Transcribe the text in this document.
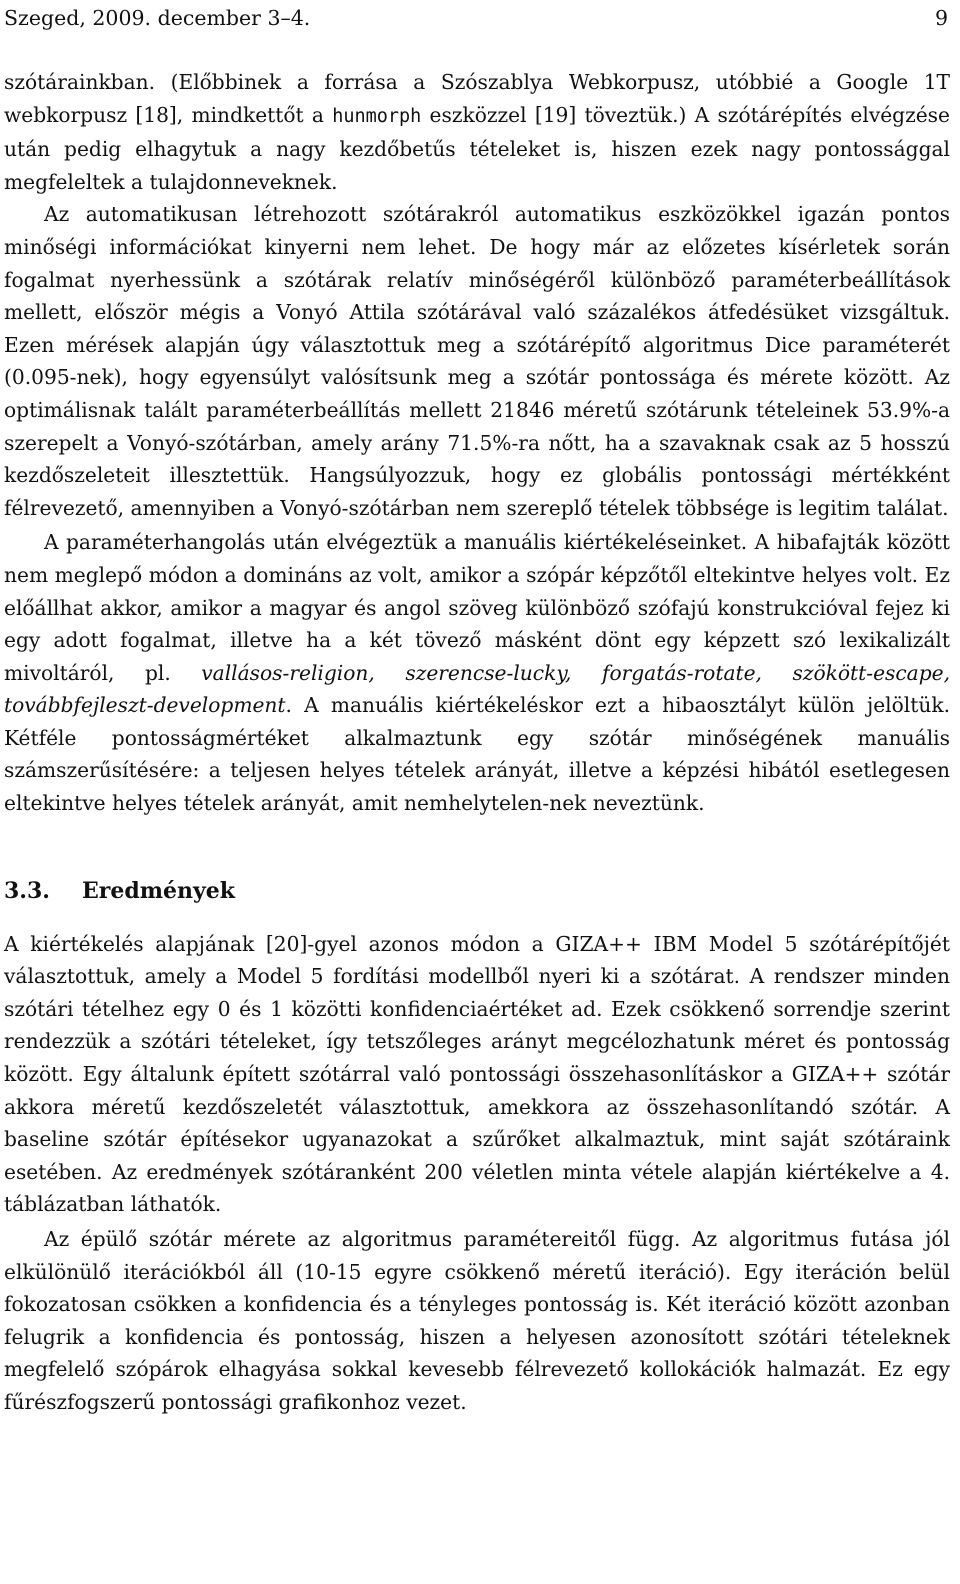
Szeged, 2009. december 3–4.	9

szótárainkban. (Előbbinek a forrása a Szószablya Webkorpusz, utóbbié a Google 1T webkorpusz [18], mindkettőt a hunmorph eszközzel [19] töveztük.) A szótárépítés elvégzése után pedig elhagytuk a nagy kezdőbetűs tételeket is, hiszen ezek nagy pontossággal megfeleltek a tulajdonneveknek.

Az automatikusan létrehozott szótárakról automatikus eszközökkel igazán pontos minőségi információkat kinyerni nem lehet. De hogy már az előzetes kísérletek során fogalmat nyerhessünk a szótárak relatív minőségéről különböző paraméterbeállítások mellett, először mégis a Vonyó Attila szótárával való százalékos átfedésüket vizsgáltuk. Ezen mérések alapján úgy választottuk meg a szótárépítő algoritmus Dice paraméterét (0.095-nek), hogy egyensúlyt valósítsunk meg a szótár pontossága és mérete között. Az optimálisnak talált paraméterbeállítás mellett 21846 méretű szótárunk tételeinek 53.9%-a szerepelt a Vonyó-szótárban, amely arány 71.5%-ra nőtt, ha a szavaknak csak az 5 hosszú kezdőszeleteit illesztettük. Hangsúlyozzuk, hogy ez globális pontossági mértékként félrevezető, amennyiben a Vonyó-szótárban nem szereplő tételek többsége is legitim találat.

A paraméterhangolás után elvégeztük a manuális kiértékeléseinket. A hibafajták között nem meglepő módon a domináns az volt, amikor a szópár képzőtől eltekintve helyes volt. Ez előállhat akkor, amikor a magyar és angol szöveg különböző szófajú konstrukcióval fejez ki egy adott fogalmat, illetve ha a két tövező másként dönt egy képzett szó lexikalizált mivoltáról, pl. vallásos-religion, szerencse-lucky, forgatás-rotate, szökött-escape, továbbfejleszt-development. A manuális kiértékeléskor ezt a hibaosztályt külön jelöltük. Kétféle pontosságmértéket alkalmaztunk egy szótár minőségének manuális számszerűsítésére: a teljesen helyes tételek arányát, illetve a képzési hibától esetlegesen eltekintve helyes tételek arányát, amit nemhelytelen-nek neveztünk.

3.3.	Eredmények

A kiértékelés alapjának [20]-gyel azonos módon a GIZA++ IBM Model 5 szótárépítőjét választottuk, amely a Model 5 fordítási modellből nyeri ki a szótárat. A rendszer minden szótári tételhez egy 0 és 1 közötti konfidenciaértéket ad. Ezek csökkenő sorrendje szerint rendezzük a szótári tételeket, így tetszőleges arányt megcélozhatunk méret és pontosság között. Egy általunk épített szótárral való pontossági összehasonlításkor a GIZA++ szótár akkora méretű kezdőszeletét választottuk, amekkora az összehasonlítandó szótár. A baseline szótár építésekor ugyanazokat a szűrőket alkalmaztuk, mint saját szótáraink esetében. Az eredmények szótáranként 200 véletlen minta vétele alapján kiértékelve a 4. táblázatban láthatók.

Az épülő szótár mérete az algoritmus paramétereitől függ. Az algoritmus futása jól elkülönülő iterációkból áll (10-15 egyre csökkenő méretű iteráció). Egy iteráción belül fokozatosan csökken a konfidencia és a tényleges pontosság is. Két iteráció között azonban felugrik a konfidencia és pontosság, hiszen a helyesen azonosított szótári tételeknek megfelelő szópárok elhagyása sokkal kevesebb félrevezető kollokációk halmazát. Ez egy fűrészfogszerű pontossági grafikonhoz vezet.
